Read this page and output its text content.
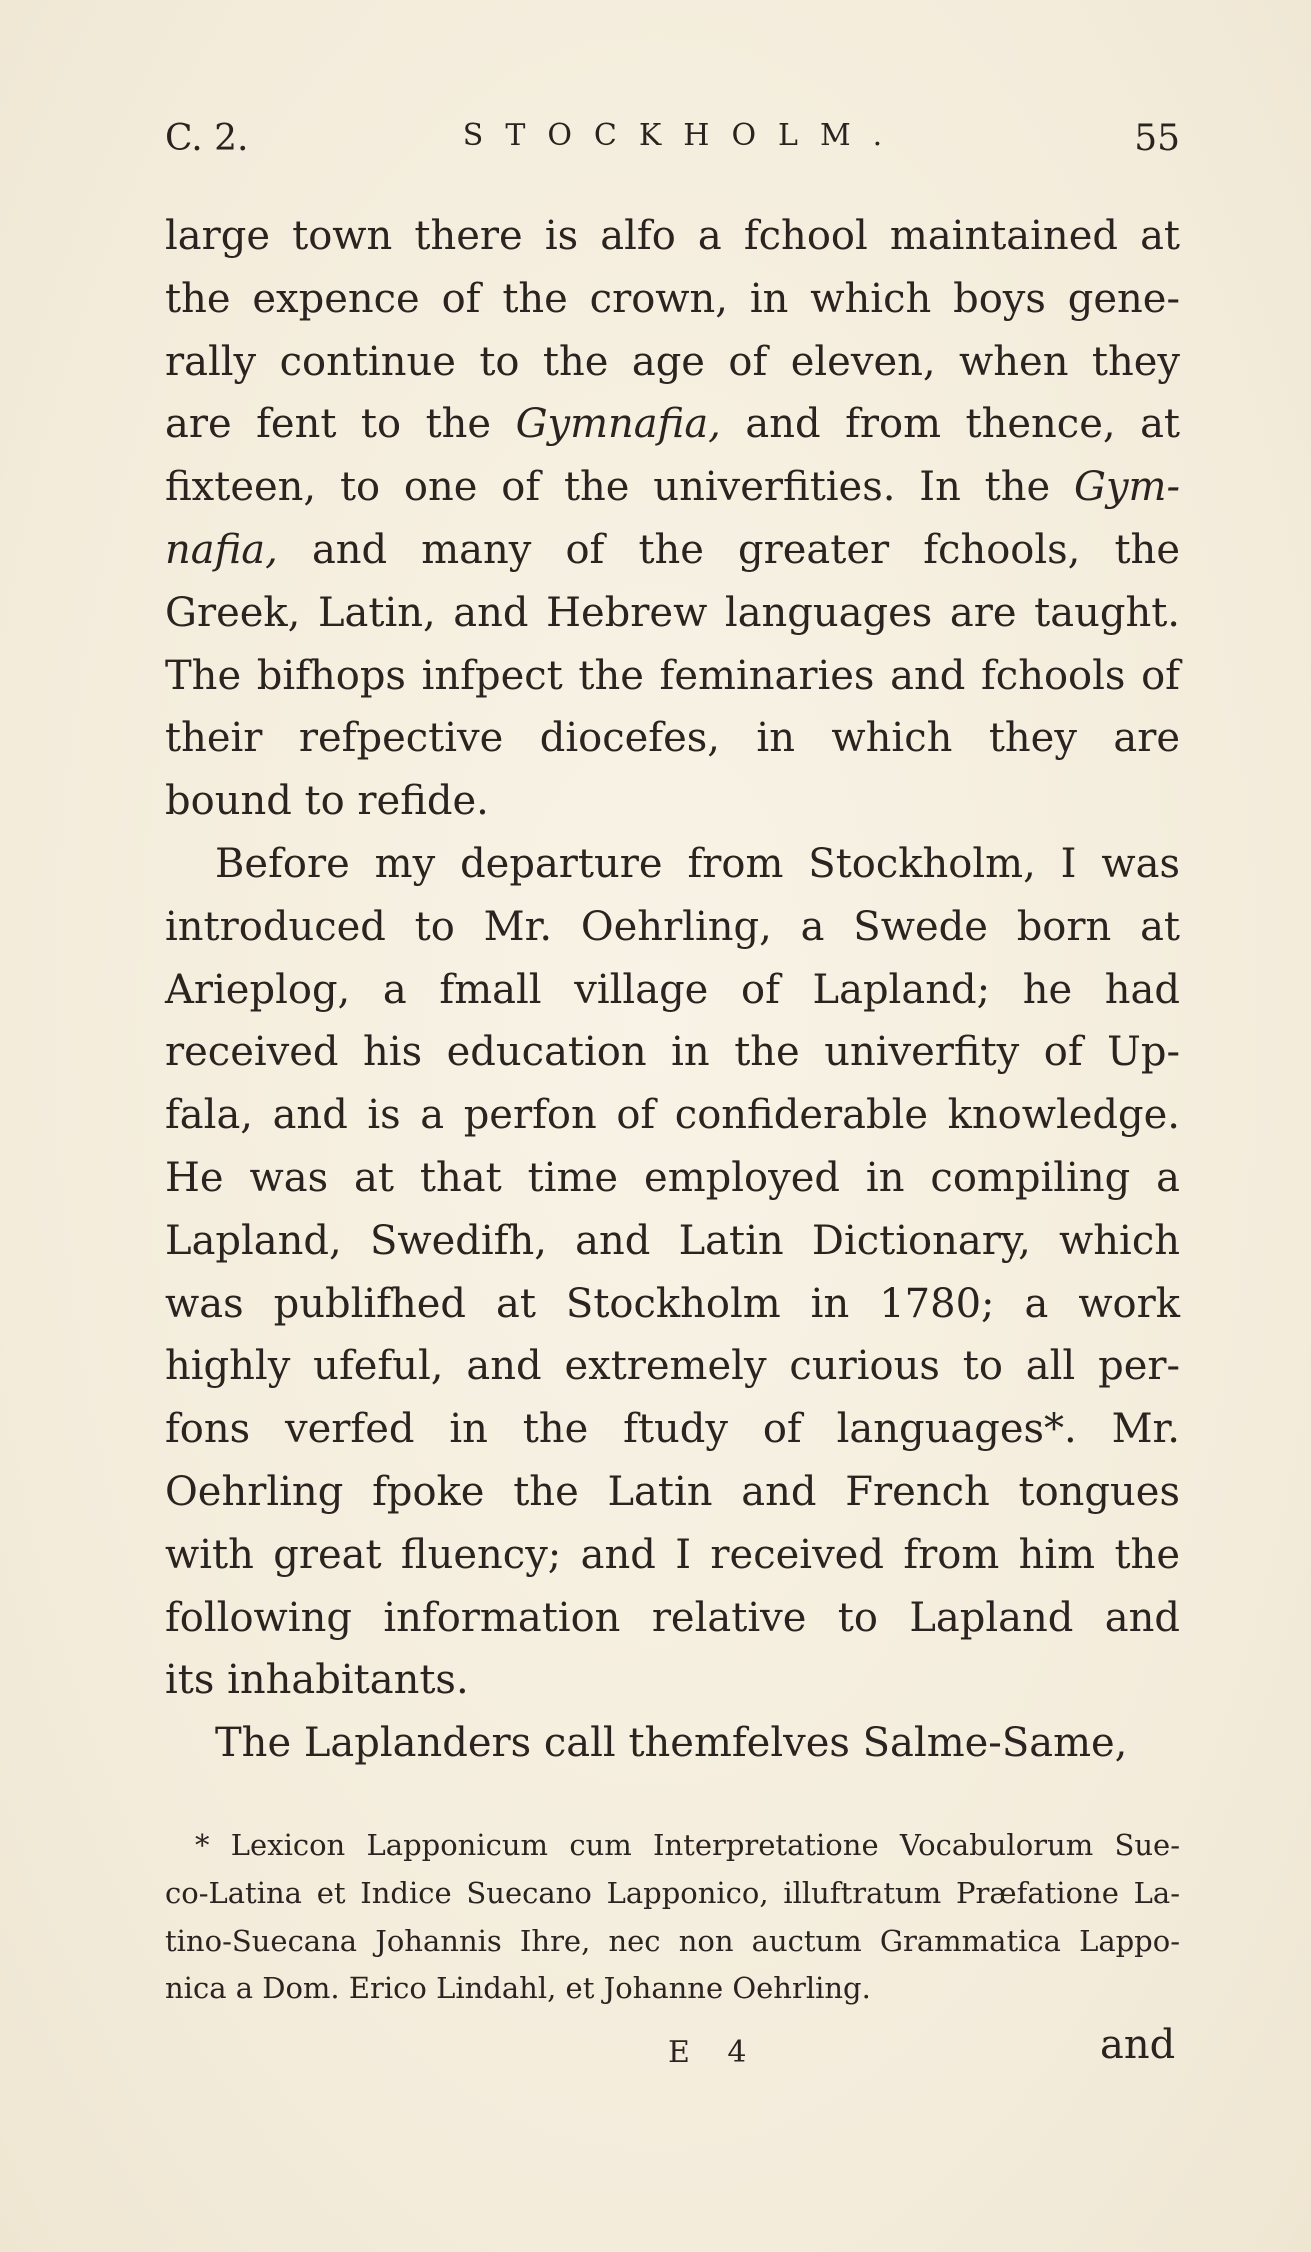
C. 2.	STOCKHOLM.	55
large town there is alfo a fchool maintained at
the expence of the crown, in which boys gene-
rally continue to the age of eleven, when they
are fent to the Gymnafia, and from thence, at
fixteen, to one of the univerfities. In the Gym-
nafia, and many of the greater fchools, the
Greek, Latin, and Hebrew languages are taught.
The bifhops infpect the feminaries and fchools of
their refpective diocefes, in which they are
bound to refide.
Before my departure from Stockholm, I was
introduced to Mr. Oehrling, a Swede born at
Arieplog, a fmall village of Lapland; he had
received his education in the univerfity of Up-
fala, and is a perfon of confiderable knowledge.
He was at that time employed in compiling a
Lapland, Swedifh, and Latin Dictionary, which
was publifhed at Stockholm in 1780; a work
highly ufeful, and extremely curious to all per-
fons verfed in the ftudy of languages*. Mr.
Oehrling fpoke the Latin and French tongues
with great fluency; and I received from him the
following information relative to Lapland and
its inhabitants.
The Laplanders call themfelves Salme-Same,
* Lexicon Lapponicum cum Interpretatione Vocabulorum Sue-
co-Latina et Indice Suecano Lapponico, illuftratum Præfatione La-
tino-Suecana Johannis Ihre, nec non auctum Grammatica Lappo-
nica a Dom. Erico Lindahl, et Johanne Oehrling.
E 4	and
